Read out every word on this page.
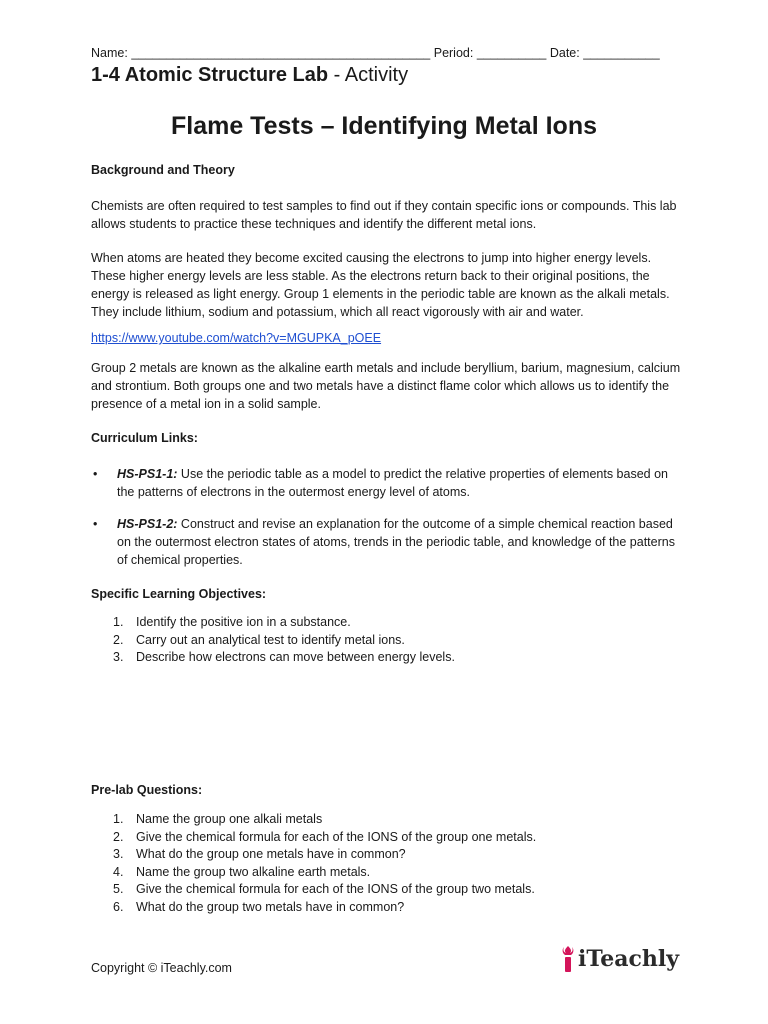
Name: ___________________________________________ Period: __________ Date: ___________
1-4 Atomic Structure Lab - Activity
Flame Tests – Identifying Metal Ions
Background and Theory
Chemists are often required to test samples to find out if they contain specific ions or compounds. This lab allows students to practice these techniques and identify the different metal ions.
When atoms are heated they become excited causing the electrons to jump into higher energy levels. These higher energy levels are less stable. As the electrons return back to their original positions, the energy is released as light energy. Group 1 elements in the periodic table are known as the alkali metals. They include lithium, sodium and potassium, which all react vigorously with air and water.
https://www.youtube.com/watch?v=MGUPKA_pOEE
Group 2 metals are known as the alkaline earth metals and include beryllium, barium, magnesium, calcium and strontium. Both groups one and two metals have a distinct flame color which allows us to identify the presence of a metal ion in a solid sample.
Curriculum Links:
• HS-PS1-1: Use the periodic table as a model to predict the relative properties of elements based on the patterns of electrons in the outermost energy level of atoms.
• HS-PS1-2: Construct and revise an explanation for the outcome of a simple chemical reaction based on the outermost electron states of atoms, trends in the periodic table, and knowledge of the patterns of chemical properties.
Specific Learning Objectives:
1. Identify the positive ion in a substance.
2. Carry out an analytical test to identify metal ions.
3. Describe how electrons can move between energy levels.
Pre-lab Questions:
1. Name the group one alkali metals
2. Give the chemical formula for each of the IONS of the group one metals.
3. What do the group one metals have in common?
4. Name the group two alkaline earth metals.
5. Give the chemical formula for each of the IONS of the group two metals.
6. What do the group two metals have in common?
Copyright © iTeachly.com	iTeachly
